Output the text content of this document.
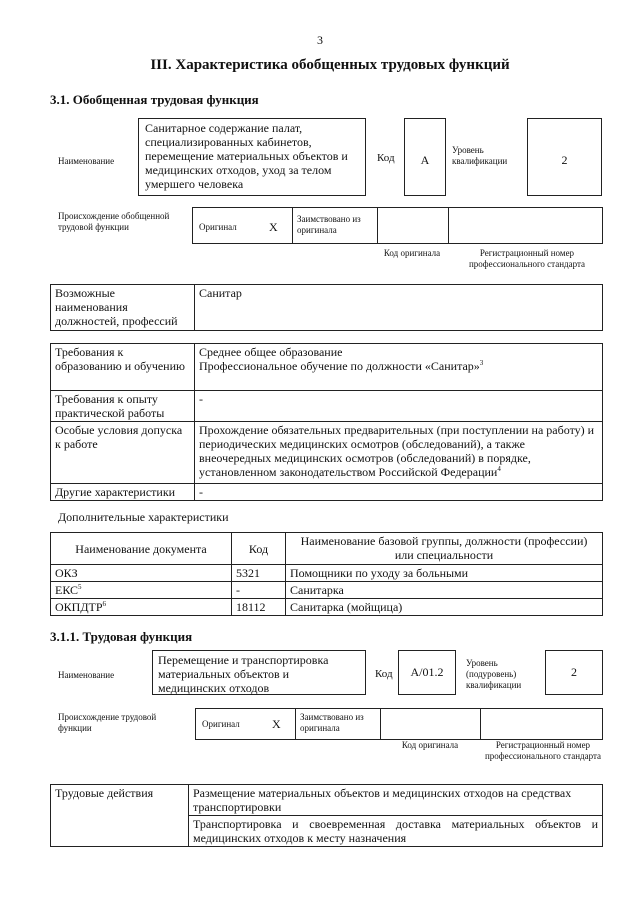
3
III. Характеристика обобщенных трудовых функций
3.1. Обобщенная трудовая функция
Наименование
Санитарное содержание палат, специализированных кабинетов, перемещение материальных объектов и медицинских отходов, уход за телом умершего человека
Код	А
Уровень квалификации	2
Происхождение обобщенной трудовой функции	Оригинал	Х
Заимствовано из оригинала
Код оригинала	Регистрационный номер профессионального стандарта
Возможные наименования должностей, профессий	Санитар
Требования к образованию и обучению	Среднее общее образование
Профессиональное обучение по должности «Санитар»$^3$

Требования к опыту практической работы	-
Особые условия допуска к работе	Прохождение обязательных предварительных (при поступлении на работу) и периодических медицинских осмотров (обследований), а также внеочередных медицинских осмотров (обследований) в порядке, установленном законодательством Российской Федерации$^4$
Другие характеристики	-
Дополнительные характеристики
Наименование документа	Код	Наименование базовой группы, должности (профессии) или специальности
ОКЗ	5321	Помощники по уходу за больными
ЕКС$^5$	-	Санитарка
ОКПДТР$^6$	18112	Санитарка (мойщица)
3.1.1. Трудовая функция
Наименование
Перемещение и транспортировка материальных объектов и медицинских отходов
Код	А/01.2
Уровень (подуровень) квалификации
2
Происхождение трудовой функции	Оригинал	Х Заимствовано из оригинала
Код оригинала	Регистрационный номер профессионального стандарта
Трудовые действия	Размещение материальных объектов и медицинских отходов на средствах транспортировки
Транспортировка и своевременная доставка материальных объектов и медицинских отходов к месту назначения
